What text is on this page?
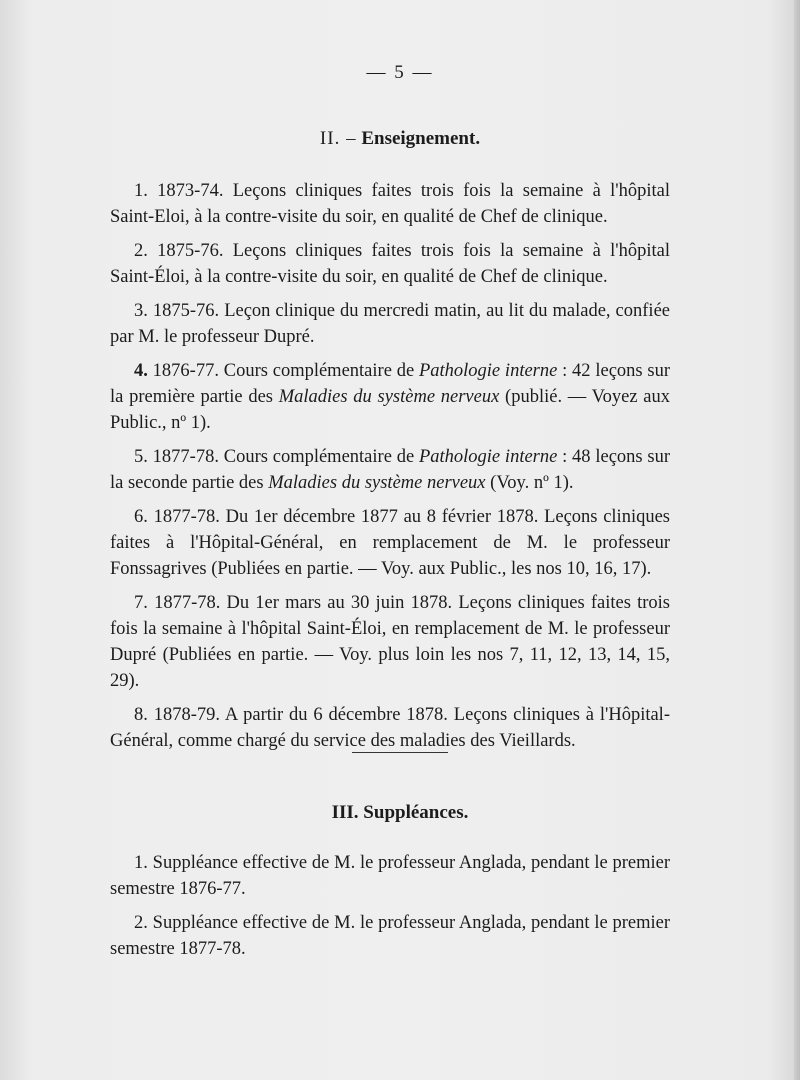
— 5 —
II. – Enseignement.

1. 1873-74. Leçons cliniques faites trois fois la semaine à l'hôpital Saint-Eloi, à la contre-visite du soir, en qualité de Chef de clinique.

2. 1875-76. Leçons cliniques faites trois fois la semaine à l'hôpital Saint-Éloi, à la contre-visite du soir, en qualité de Chef de clinique.

3. 1875-76. Leçon clinique du mercredi matin, au lit du malade, confiée par M. le professeur Dupré.

4. 1876-77. Cours complémentaire de Pathologie interne : 42 leçons sur la première partie des Maladies du système nerveux (publié. — Voyez aux Public., nº 1).

5. 1877-78. Cours complémentaire de Pathologie interne : 48 leçons sur la seconde partie des Maladies du système nerveux (Voy. nº 1).

6. 1877-78. Du 1er décembre 1877 au 8 février 1878. Leçons cliniques faites à l'Hôpital-Général, en remplacement de M. le professeur Fonssagrives (Publiées en partie. — Voy. aux Public., les nos 10, 16, 17).

7. 1877-78. Du 1er mars au 30 juin 1878. Leçons cliniques faites trois fois la semaine à l'hôpital Saint-Éloi, en remplacement de M. le professeur Dupré (Publiées en partie. — Voy. plus loin les nos 7, 11, 12, 13, 14, 15, 29).

8. 1878-79. A partir du 6 décembre 1878. Leçons cliniques à l'Hôpital-Général, comme chargé du service des maladies des Vieillards.

III. Suppléances.

1. Suppléance effective de M. le professeur Anglada, pendant le premier semestre 1876-77.

2. Suppléance effective de M. le professeur Anglada, pendant le premier semestre 1877-78.
